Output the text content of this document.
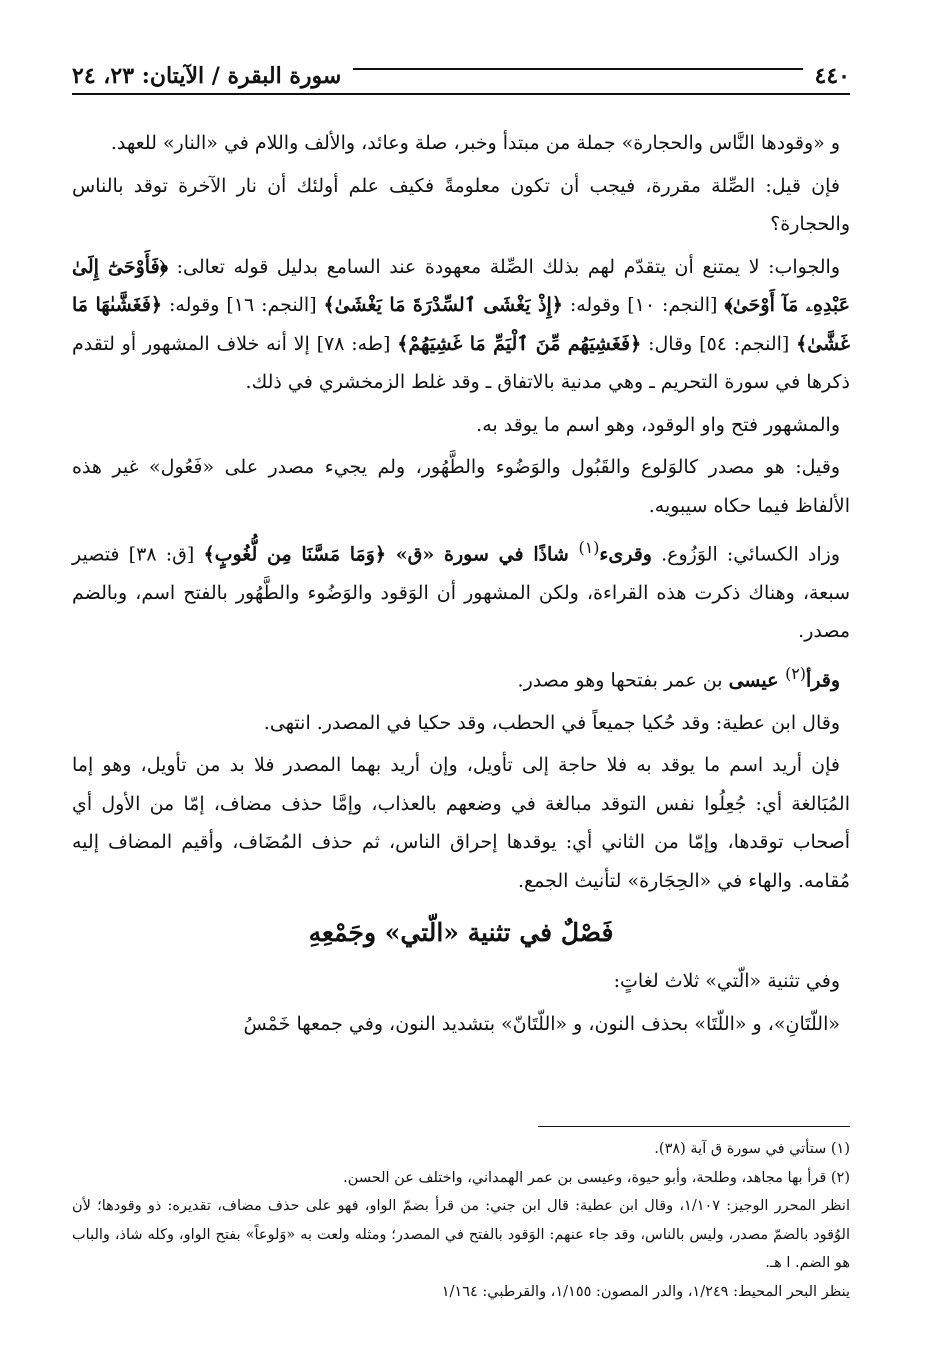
٤٤٠
سورة البقرة / الآيتان: ٢٣، ٢٤

و «وقودها النَّاس والحجارة» جملة من مبتدأ وخبر، صلة وعائد، والألف واللام في «النار» للعهد.

فإن قيل: الصِّلة مقررة، فيجب أن تكون معلومةً فكيف علم أولئك أن نار الآخرة توقد بالناس والحجارة؟

والجواب: لا يمتنع أن يتقدّم لهم بذلك الصِّلة معهودة عند السامع بدليل قوله تعالى: ﴿فَأَوْحَىٰٓ إِلَىٰ عَبْدِهِۦ مَآ أَوْحَىٰ﴾ [النجم: ١٠] وقوله: ﴿إِذْ يَغْشَى ٱلسِّدْرَةَ مَا يَغْشَىٰ﴾ [النجم: ١٦] وقوله: ﴿فَغَشَّىٰهَا مَا غَشَّىٰ﴾ [النجم: ٥٤] وقال: ﴿فَغَشِيَهُم مِّنَ ٱلْيَمِّ مَا غَشِيَهُمْ﴾ [طه: ٧٨] إلا أنه خلاف المشهور أو لتقدم ذكرها في سورة التحريم ـ وهي مدنية بالاتفاق ـ وقد غلط الزمخشري في ذلك.

والمشهور فتح واو الوقود، وهو اسم ما يوقد به.

وقيل: هو مصدر كالوَلوع والقَبُول والوَضُوء والطَّهُور، ولم يجيء مصدر على «فَعُول» غير هذه الألفاظ فيما حكاه سيبويه.

وزاد الكسائي: الوَزُوع. وقرىء$^{(١)}$ شاذًا في سورة «ق» ﴿وَمَا مَسَّنَا مِن لُّغُوبٍ﴾ [ق: ٣٨] فتصير سبعة، وهناك ذكرت هذه القراءة، ولكن المشهور أن الوَقود والوَضُوء والطَّهُور بالفتح اسم، وبالضم مصدر.

وقرأ$^{(٢)}$ عيسى بن عمر بفتحها وهو مصدر.

وقال ابن عطية: وقد حُكيا جميعاً في الحطب، وقد حكيا في المصدر. انتهى.

فإن أريد اسم ما يوقد به فلا حاجة إلى تأويل، وإن أريد بهما المصدر فلا بد من تأويل، وهو إما المُبَالغة أي: جُعِلُوا نفس التوقد مبالغة في وضعهم بالعذاب، وإمَّا حذف مضاف، إمّا من الأول أي أصحاب توقدها، وإمّا من الثاني أي: يوقدها إحراق الناس، ثم حذف المُضَاف، وأقيم المضاف إليه مُقامه. والهاء في «الحِجَارة» لتأنيث الجمع.

فَصْلٌ في تثنية «الّتي» وجَمْعِهِ

وفي تثنية «الّتي» ثلاث لغاتٍ:

«اللّتَانِ»، و «اللّتَا» بحذف النون، و «اللّتَانّ» بتشديد النون، وفي جمعها خَمْسُ

(١) ستأتي في سورة ق آية (٣٨).

(٢) قرأ بها مجاهد، وطلحة، وأبو حيوة، وعيسى بن عمر الهمداني، واختلف عن الحسن.

انظر المحرر الوجيز: ١/١٠٧، وقال ابن عطية: قال ابن جني: من قرأ بضمّ الواو، فهو على حذف مضاف، تقديره: ذو وقودها؛ لأن الوُقود بالضمّ مصدر، وليس بالناس، وقد جاء عنهم: الوَقود بالفتح في المصدر؛ ومثله ولعت به «وَلوعاً» بفتح الواو، وكله شاذ، والباب هو الضم. ا هـ.

ينظر البحر المحيط: ١/٢٤٩، والدر المصون: ١/١٥٥، والقرطبي: ١/١٦٤
